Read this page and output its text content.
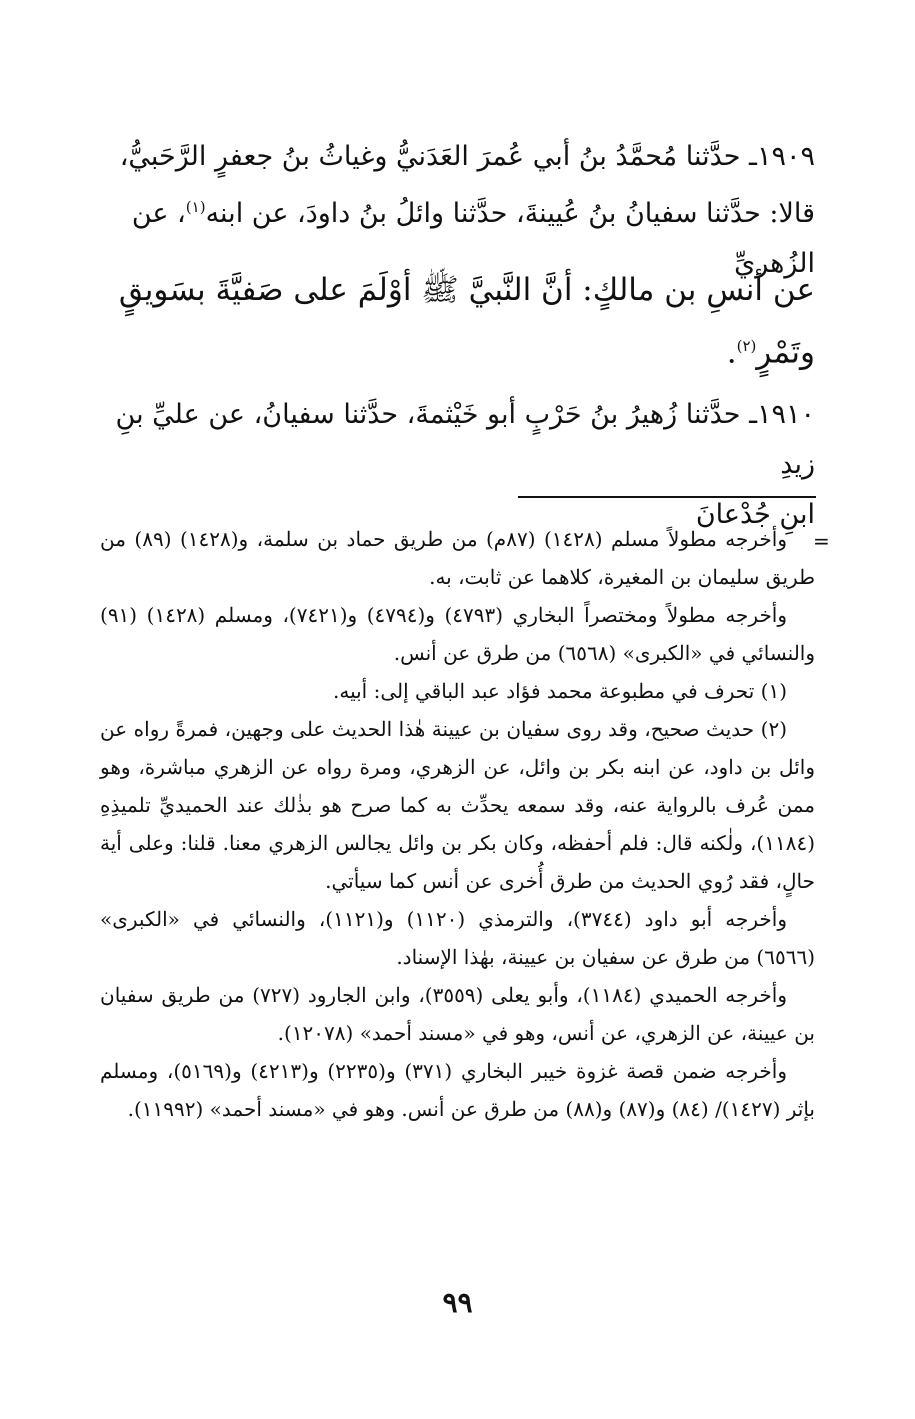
١٩٠٩ـ حدَّثنا مُحمَّدُ بنُ أبي عُمرَ العَدَنيُّ وغياثُ بنُ جعفرٍ الرَّحَبيُّ،
قالا: حدَّثنا سفيانُ بنُ عُيينةَ، حدَّثنا وائلُ بنُ داودَ، عن ابنه$^{(١)}$، عن الزُهريِّ
عن أنسِ بن مالكٍ: أنَّ النَّبيَّ ﷺ أوْلَمَ على صَفيَّةَ بسَويقٍ
وتَمْرٍ$^{(٢)}$.
١٩١٠ـ حدَّثنا زُهيرُ بنُ حَرْبٍ أبو خَيْثمةَ، حدَّثنا سفيانُ، عن عليِّ بنِ زيدِ
ابنِ جُدْعانَ
=
وأخرجه مطولاً مسلم (١٤٢٨) (٨٧م) من طريق حماد بن سلمة، و(١٤٢٨) (٨٩) من طريق سليمان بن المغيرة، كلاهما عن ثابت، به.
وأخرجه مطولاً ومختصراً البخاري (٤٧٩٣) و(٤٧٩٤) و(٧٤٢١)، ومسلم (١٤٢٨) (٩١) والنسائي في «الكبرى» (٦٥٦٨) من طرق عن أنس.
(١) تحرف في مطبوعة محمد فؤاد عبد الباقي إلى: أبيه.
(٢) حديث صحيح، وقد روى سفيان بن عيينة هٰذا الحديث على وجهين، فمرةً رواه عن وائل بن داود، عن ابنه بكر بن وائل، عن الزهري، ومرة رواه عن الزهري مباشرة، وهو ممن عُرف بالرواية عنه، وقد سمعه يحدِّث به كما صرح هو بذٰلك عند الحميديِّ تلميذِهِ (١١٨٤)، ولٰكنه قال: فلم أحفظه، وكان بكر بن وائل يجالس الزهري معنا. قلنا: وعلى أية حالٍ، فقد رُوي الحديث من طرق أُخرى عن أنس كما سيأتي.
وأخرجه أبو داود (٣٧٤٤)، والترمذي (١١٢٠) و(١١٢١)، والنسائي في «الكبرى» (٦٥٦٦) من طرق عن سفيان بن عيينة، بهٰذا الإسناد.
وأخرجه الحميدي (١١٨٤)، وأبو يعلى (٣٥٥٩)، وابن الجارود (٧٢٧) من طريق سفيان بن عيينة، عن الزهري، عن أنس، وهو في «مسند أحمد» (١٢٠٧٨).
وأخرجه ضمن قصة غزوة خيبر البخاري (٣٧١) و(٢٢٣٥) و(٤٢١٣) و(٥١٦٩)، ومسلم بإثر (١٤٢٧)/ (٨٤) و(٨٧) و(٨٨) من طرق عن أنس. وهو في «مسند أحمد» (١١٩٩٢).
٩٩
